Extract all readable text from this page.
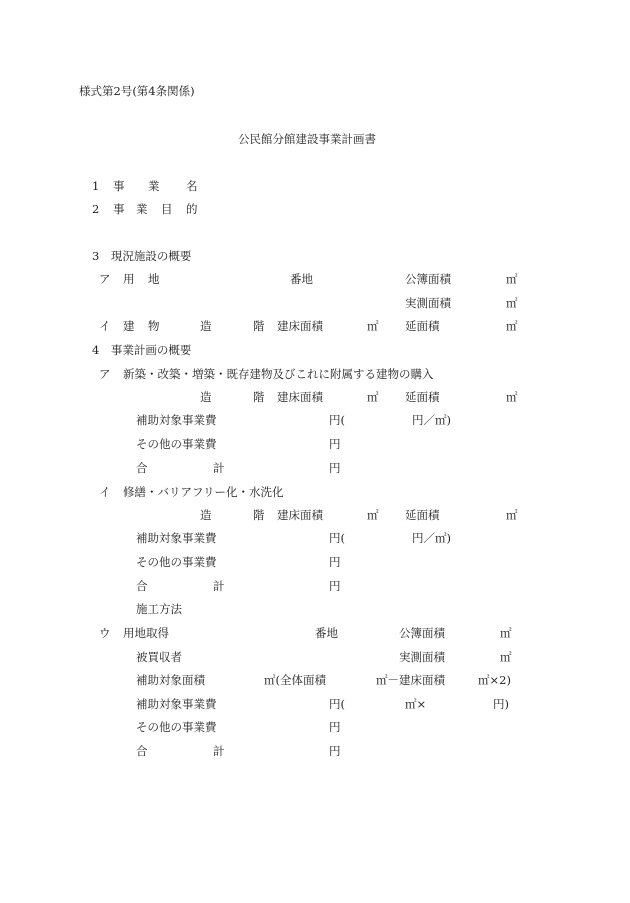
様式第2号(第4条関係)
公民館分館建設事業計画書
1 事 業 名
2 事 業 目 的
3　現況施設の概要
ア 用 地	番地	公簿面積	㎡
実測面積	㎡
イ 建 物	造	階 建床面積	㎡ 延面積	㎡
4　事業計画の概要
ア 新築・改築・増築・既存建物及びこれに附属する建物の購入
造	階 建床面積	㎡ 延面積	㎡
補助対象事業費	円(	円／㎡)
その他の事業費	円
合	計	円
イ 修繕・バリアフリー化・水洗化
造	階 建床面積	㎡ 延面積	㎡
補助対象事業費	円(	円／㎡)
その他の事業費	円
合	計	円
施工方法
ウ 用地取得	番地	公簿面積	㎡
被買収者	実測面積	㎡
補助対象面積	㎡(全体面積	㎡－建床面積	㎡×2)
補助対象事業費	円(	㎡×	円)
その他の事業費	円
合	計	円
